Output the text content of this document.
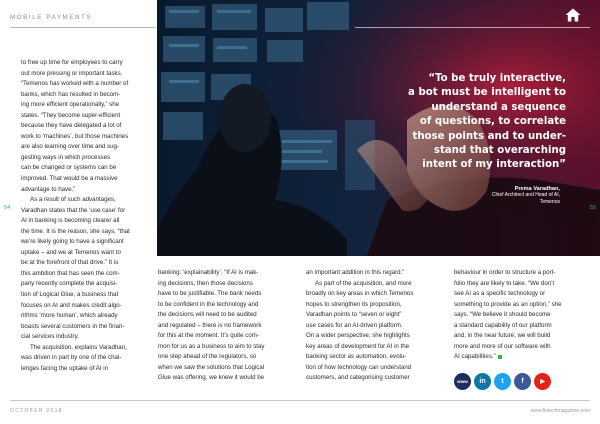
MOBILE PAYMENTS
“To be truly interactive,
a bot must be intelligent to
understand a sequence
of questions, to correlate
those points and to under-
stand that overarching
intent of my interaction”
Prema Varadhan,
Chief Architect and Head of AI,
Temenos
54	55
to free up time for employees to carry
out more pressing or important tasks.
“Temenos has worked with a number of
banks, which has resulted in becom-
ing more efficient operationally,” she
states. “They become super-efficient
because they have delegated a lot of
work to ‘machines’, but those machines
are also learning over time and sug-
gesting ways in which processes
can be changed or systems can be
improved. That would be a massive
advantage to have.”
As a result of such advantages,
Varadhan states that the ‘use case’ for
AI in banking is becoming clearer all
the time. It is the reason, she says, “that
we’re likely going to have a significant
uptake – and we at Temenos want to
be at the forefront of that drive.” It is
this ambition that has seen the com-
pany recently complete the acquisi-
tion of Logical Glue, a business that
focuses on AI and makes credit algo-
rithms ‘more human’, which already
boasts several customers in the finan-
cial services industry.
The acquisition, explains Varadhan,
was driven in part by one of the chal-
lenges facing the uptake of AI in
banking: ‘explainability’. “If AI is mak-
ing decisions, then those decisions
have to be justifiable. The bank needs
to be confident in the technology and
the decisions will need to be audited
and regulated – there is no framework
for this at the moment. It’s quite com-
mon for us as a business to aim to stay
one step ahead of the regulators, so
when we saw the solutions that Logical
Glue was offering, we knew it would be
an important addition in this regard.”
As part of the acquisition, and more
broadly on key areas in which Temenos
hopes to strengthen its proposition,
Varadhan points to “seven or eight”
use cases for an AI-driven platform.
On a wider perspective, she highlights
key areas of development for AI in the
banking sector as automation, evolu-
tion of how technology can understand
customers, and categorising customer
behaviour in order to structure a port-
folio they are likely to take. “We don’t
see AI as a specific technology or
something to provide as an option,” she
says. “We believe it should become
a standard capability of our platform
and, in the near future, we will build
more and more of our software with
AI capabilities.”
www	in	t	f	▶
OCTOBER 2018	www.fintechmagazine.com
